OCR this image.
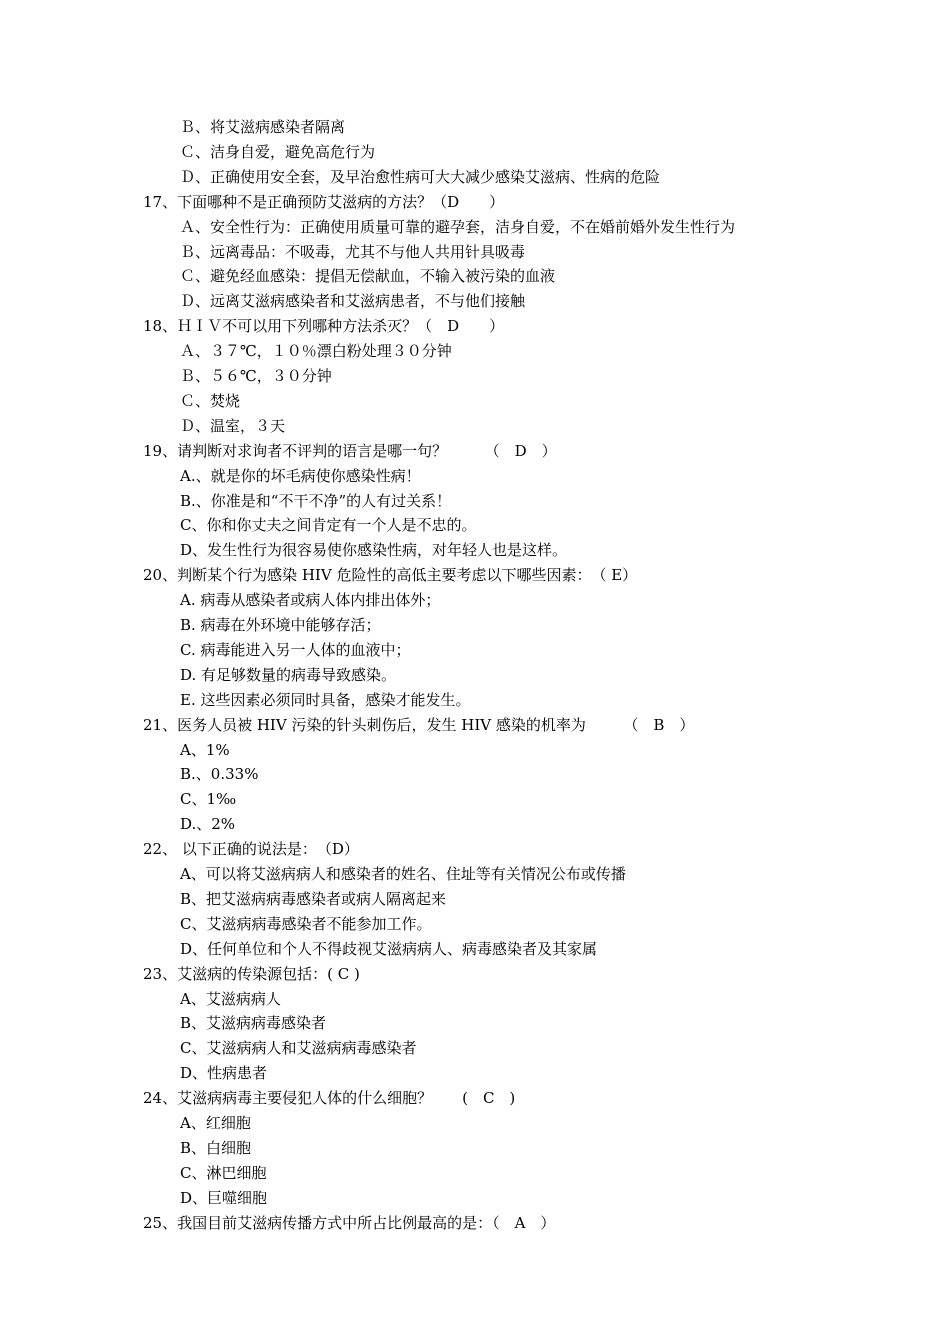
Ｂ、将艾滋病感染者隔离
Ｃ、洁身自爱，避免高危行为
Ｄ、正确使用安全套，及早治愈性病可大大减少感染艾滋病、性病的危险
17、下面哪种不是正确预防艾滋病的方法？（D　　）
Ａ、安全性行为：正确使用质量可靠的避孕套，洁身自爱，不在婚前婚外发生性行为
Ｂ、远离毒品：不吸毒，尤其不与他人共用针具吸毒
Ｃ、避免经血感染：提倡无偿献血，不输入被污染的血液
Ｄ、远离艾滋病感染者和艾滋病患者，不与他们接触
18、ＨＩＶ不可以用下列哪种方法杀灭？（　D　　）
Ａ、３７℃，１０％漂白粉处理３０分钟
Ｂ、５６℃，３０分钟
Ｃ、焚烧
Ｄ、温室，３天
19、请判断对求询者不评判的语言是哪一句？　　　（　D　）
A.、就是你的坏毛病使你感染性病！
B.、你准是和“不干不净”的人有过关系！
C、你和你丈夫之间肯定有一个人是不忠的。
D、发生性行为很容易使你感染性病，对年轻人也是这样。
20、判断某个行为感染 HIV 危险性的高低主要考虑以下哪些因素：　（ E）
A. 病毒从感染者或病人体内排出体外；
B. 病毒在外环境中能够存活；
C. 病毒能进入另一人体的血液中；
D. 有足够数量的病毒导致感染。
E. 这些因素必须同时具备，感染才能发生。
21、医务人员被 HIV 污染的针头刺伤后，发生 HIV 感染的机率为　　　（　B　）
A、1%
B.、0.33%
C、1‰
D.、2%
22、 以下正确的说法是：　（D）
A、可以将艾滋病病人和感染者的姓名、住址等有关情况公布或传播
B、把艾滋病病毒感染者或病人隔离起来
C、艾滋病病毒感染者不能参加工作。
D、任何单位和个人不得歧视艾滋病病人、病毒感染者及其家属
23、艾滋病的传染源包括：( C )
A、艾滋病病人
B、艾滋病病毒感染者
C、艾滋病病人和艾滋病病毒感染者
D、性病患者
24、艾滋病病毒主要侵犯人体的什么细胞？　　(　C　)
A、红细胞
B、白细胞
C、淋巴细胞
D、巨噬细胞
25、我国目前艾滋病传播方式中所占比例最高的是：（　A　）
